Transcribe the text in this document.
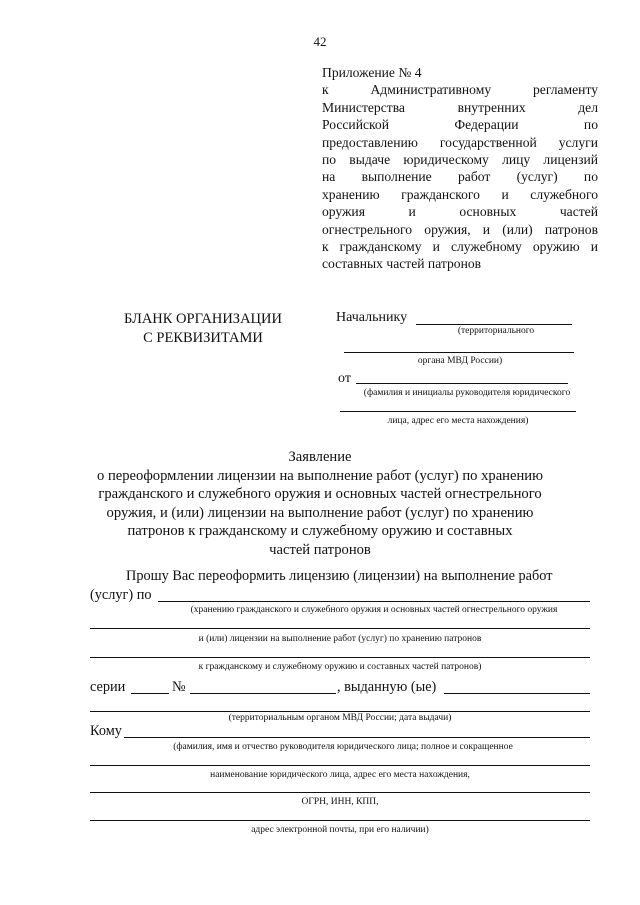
42
Приложение № 4
к Административному регламенту
Министерства внутренних дел
Российской Федерации по
предоставлению государственной услуги
по выдаче юридическому лицу лицензий
на выполнение работ (услуг) по
хранению гражданского и служебного
оружия и основных частей
огнестрельного оружия, и (или) патронов
к гражданскому и служебному оружию и
составных частей патронов
БЛАНК ОРГАНИЗАЦИИ
С РЕКВИЗИТАМИ
Начальнику
(территориального
органа МВД России)
от
(фамилия и инициалы руководителя юридического
лица, адрес его места нахождения)
Заявление
о переоформлении лицензии на выполнение работ (услуг) по хранению
гражданского и служебного оружия и основных частей огнестрельного
оружия, и (или) лицензии на выполнение работ (услуг) по хранению
патронов к гражданскому и служебному оружию и составных
частей патронов
Прошу Вас переоформить лицензию (лицензии) на выполнение работ
(услуг) по
(хранению гражданского и служебного оружия и основных частей огнестрельного оружия
и (или) лицензии на выполнение работ (услуг) по хранению патронов
к гражданскому и служебному оружию и составных частей патронов)
серии	№	, выданную (ые)
(территориальным органом МВД России; дата выдачи)
Кому
(фамилия, имя и отчество руководителя юридического лица; полное и сокращенное
наименование юридического лица, адрес его места нахождения,
ОГРН, ИНН, КПП,
адрес электронной почты, при его наличии)
